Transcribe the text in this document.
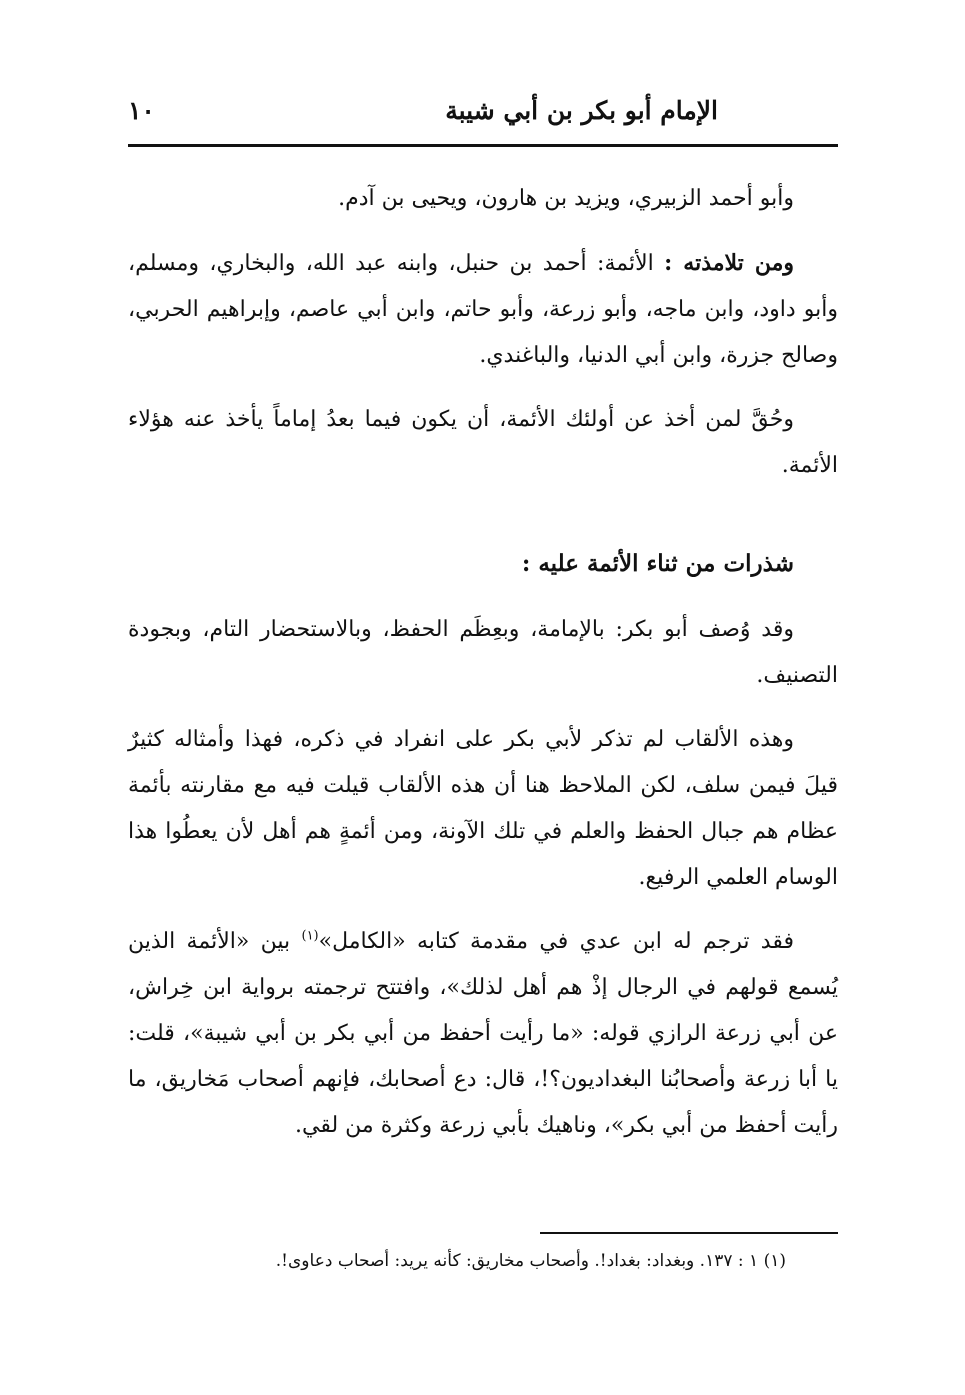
الإمام أبو بكر بن أبي شيبة
١٠

وأبو أحمد الزبيري، ويزيد بن هارون، ويحيى بن آدم.

ومن تلامذته : الأئمة: أحمد بن حنبل، وابنه عبد الله، والبخاري، ومسلم، وأبو داود، وابن ماجه، وأبو زرعة، وأبو حاتم، وابن أبي عاصم، وإبراهيم الحربي، وصالح جزرة، وابن أبي الدنيا، والباغندي.

وحُقَّ لمن أخذ عن أولئك الأئمة، أن يكون فيما بعدُ إماماً يأخذ عنه هؤلاء الأئمة.

شذرات من ثناء الأئمة عليه :

وقد وُصف أبو بكر: بالإمامة، وبعِظَم الحفظ، وبالاستحضار التام، وبجودة التصنيف.

وهذه الألقاب لم تذكر لأبي بكر على انفراد في ذكره، فهذا وأمثاله كثيرٌ قيلَ فيمن سلف، لكن الملاحظ هنا أن هذه الألقاب قيلت فيه مع مقارنته بأئمة عظام هم جبال الحفظ والعلم في تلك الآونة، ومن أئمةٍ هم أهل لأن يعطُوا هذا الوسام العلمي الرفيع.

فقد ترجم له ابن عدي في مقدمة كتابه «الكامل»$^{(١)}$ بين «الأئمة الذين يُسمع قولهم في الرجال إذْ هم أهل لذلك»، وافتتح ترجمته برواية ابن خِراش، عن أبي زرعة الرازي قوله: «ما رأيت أحفظ من أبي بكر بن أبي شيبة»، قلت: يا أبا زرعة وأصحابُنا البغداديون؟!، قال: دع أصحابك، فإنهم أصحاب مَخاريق، ما رأيت أحفظ من أبي بكر»، وناهيك بأبي زرعة وكثرة من لقي.

(١) ١ : ١٣٧. وبغداد: بغداد!. وأصحاب مخاريق: كأنه يريد: أصحاب دعاوى!.
